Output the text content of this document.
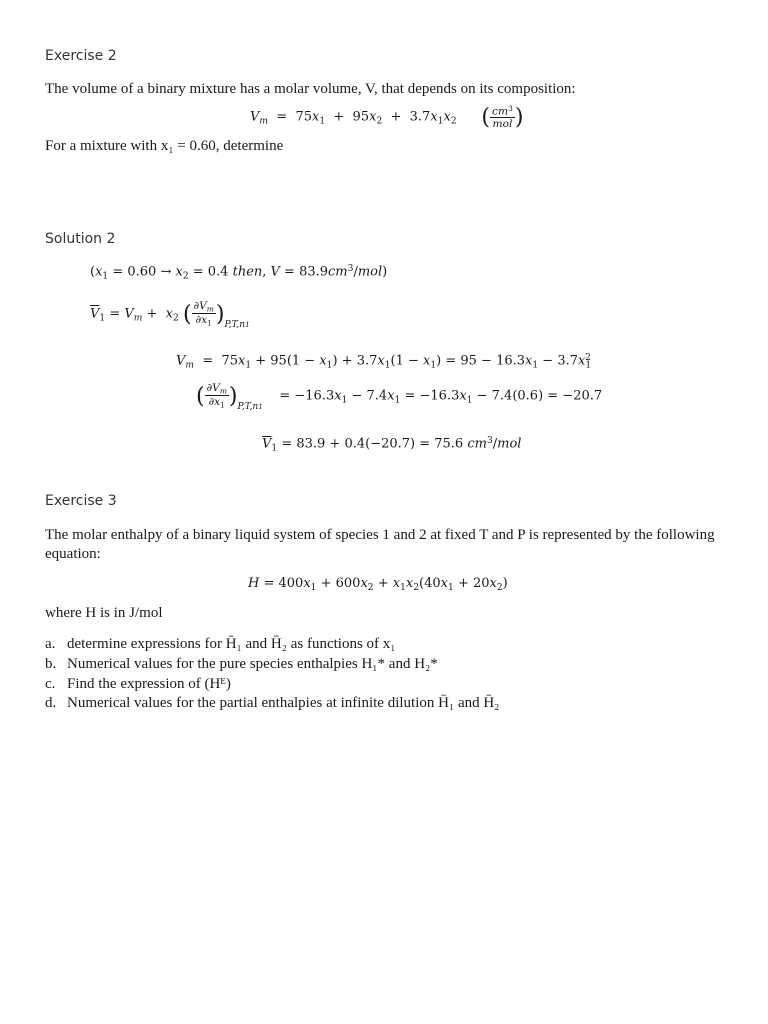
Exercise 2
The volume of a binary mixture has a molar volume, V, that depends on its composition:
$V_m = 75x_1 + 95x_2 + 3.7x_1x_2$ ( $\frac{cm^3}{\text{mol}}$ )
For a mixture with x₁ = 0.60, determine
Solution 2
($x_1 = 0.60 \to x_2 = 0.4$ then, $V = 83.9cm^3/mol$)
$\overline{V}_1 = V_m + x_2$ ( $\frac{\partial V_m}{\partial x_1} )_{P,T,n1}$
$V_m = 75x_1 + 95(1 - x_1) + 3.7x_1(1 - x_1) = 95 - 16.3x_1 - 3.7x_1^2$
( $\frac{\partial V_m}{\partial x_1} )_{P,T,n1}$    = $-16.3x_1 - 7.4x_1 = -16.3x_1 - 7.4(0.6) = -20.7$
$\overline{V}_1 = 83.9 + 0.4(-20.7) = 75.6$ $cm^3$/mol
Exercise 3
The molar enthalpy of a binary liquid system of species 1 and 2 at fixed T and P is represented by the following
equation:
$H = 400x_1 + 600x_2 + x_1x_2(40x_1 + 20x_2)$
where H is in J/mol
a. determine expressions for H̄₁ and H̄₂ as functions of x₁
b. Numerical values for the pure species enthalpies H₁* and H₂*
c. Find the expression of (Hᴱ)
d. Numerical values for the partial enthalpies at infinite dilution H̄₁ and H̄₂
